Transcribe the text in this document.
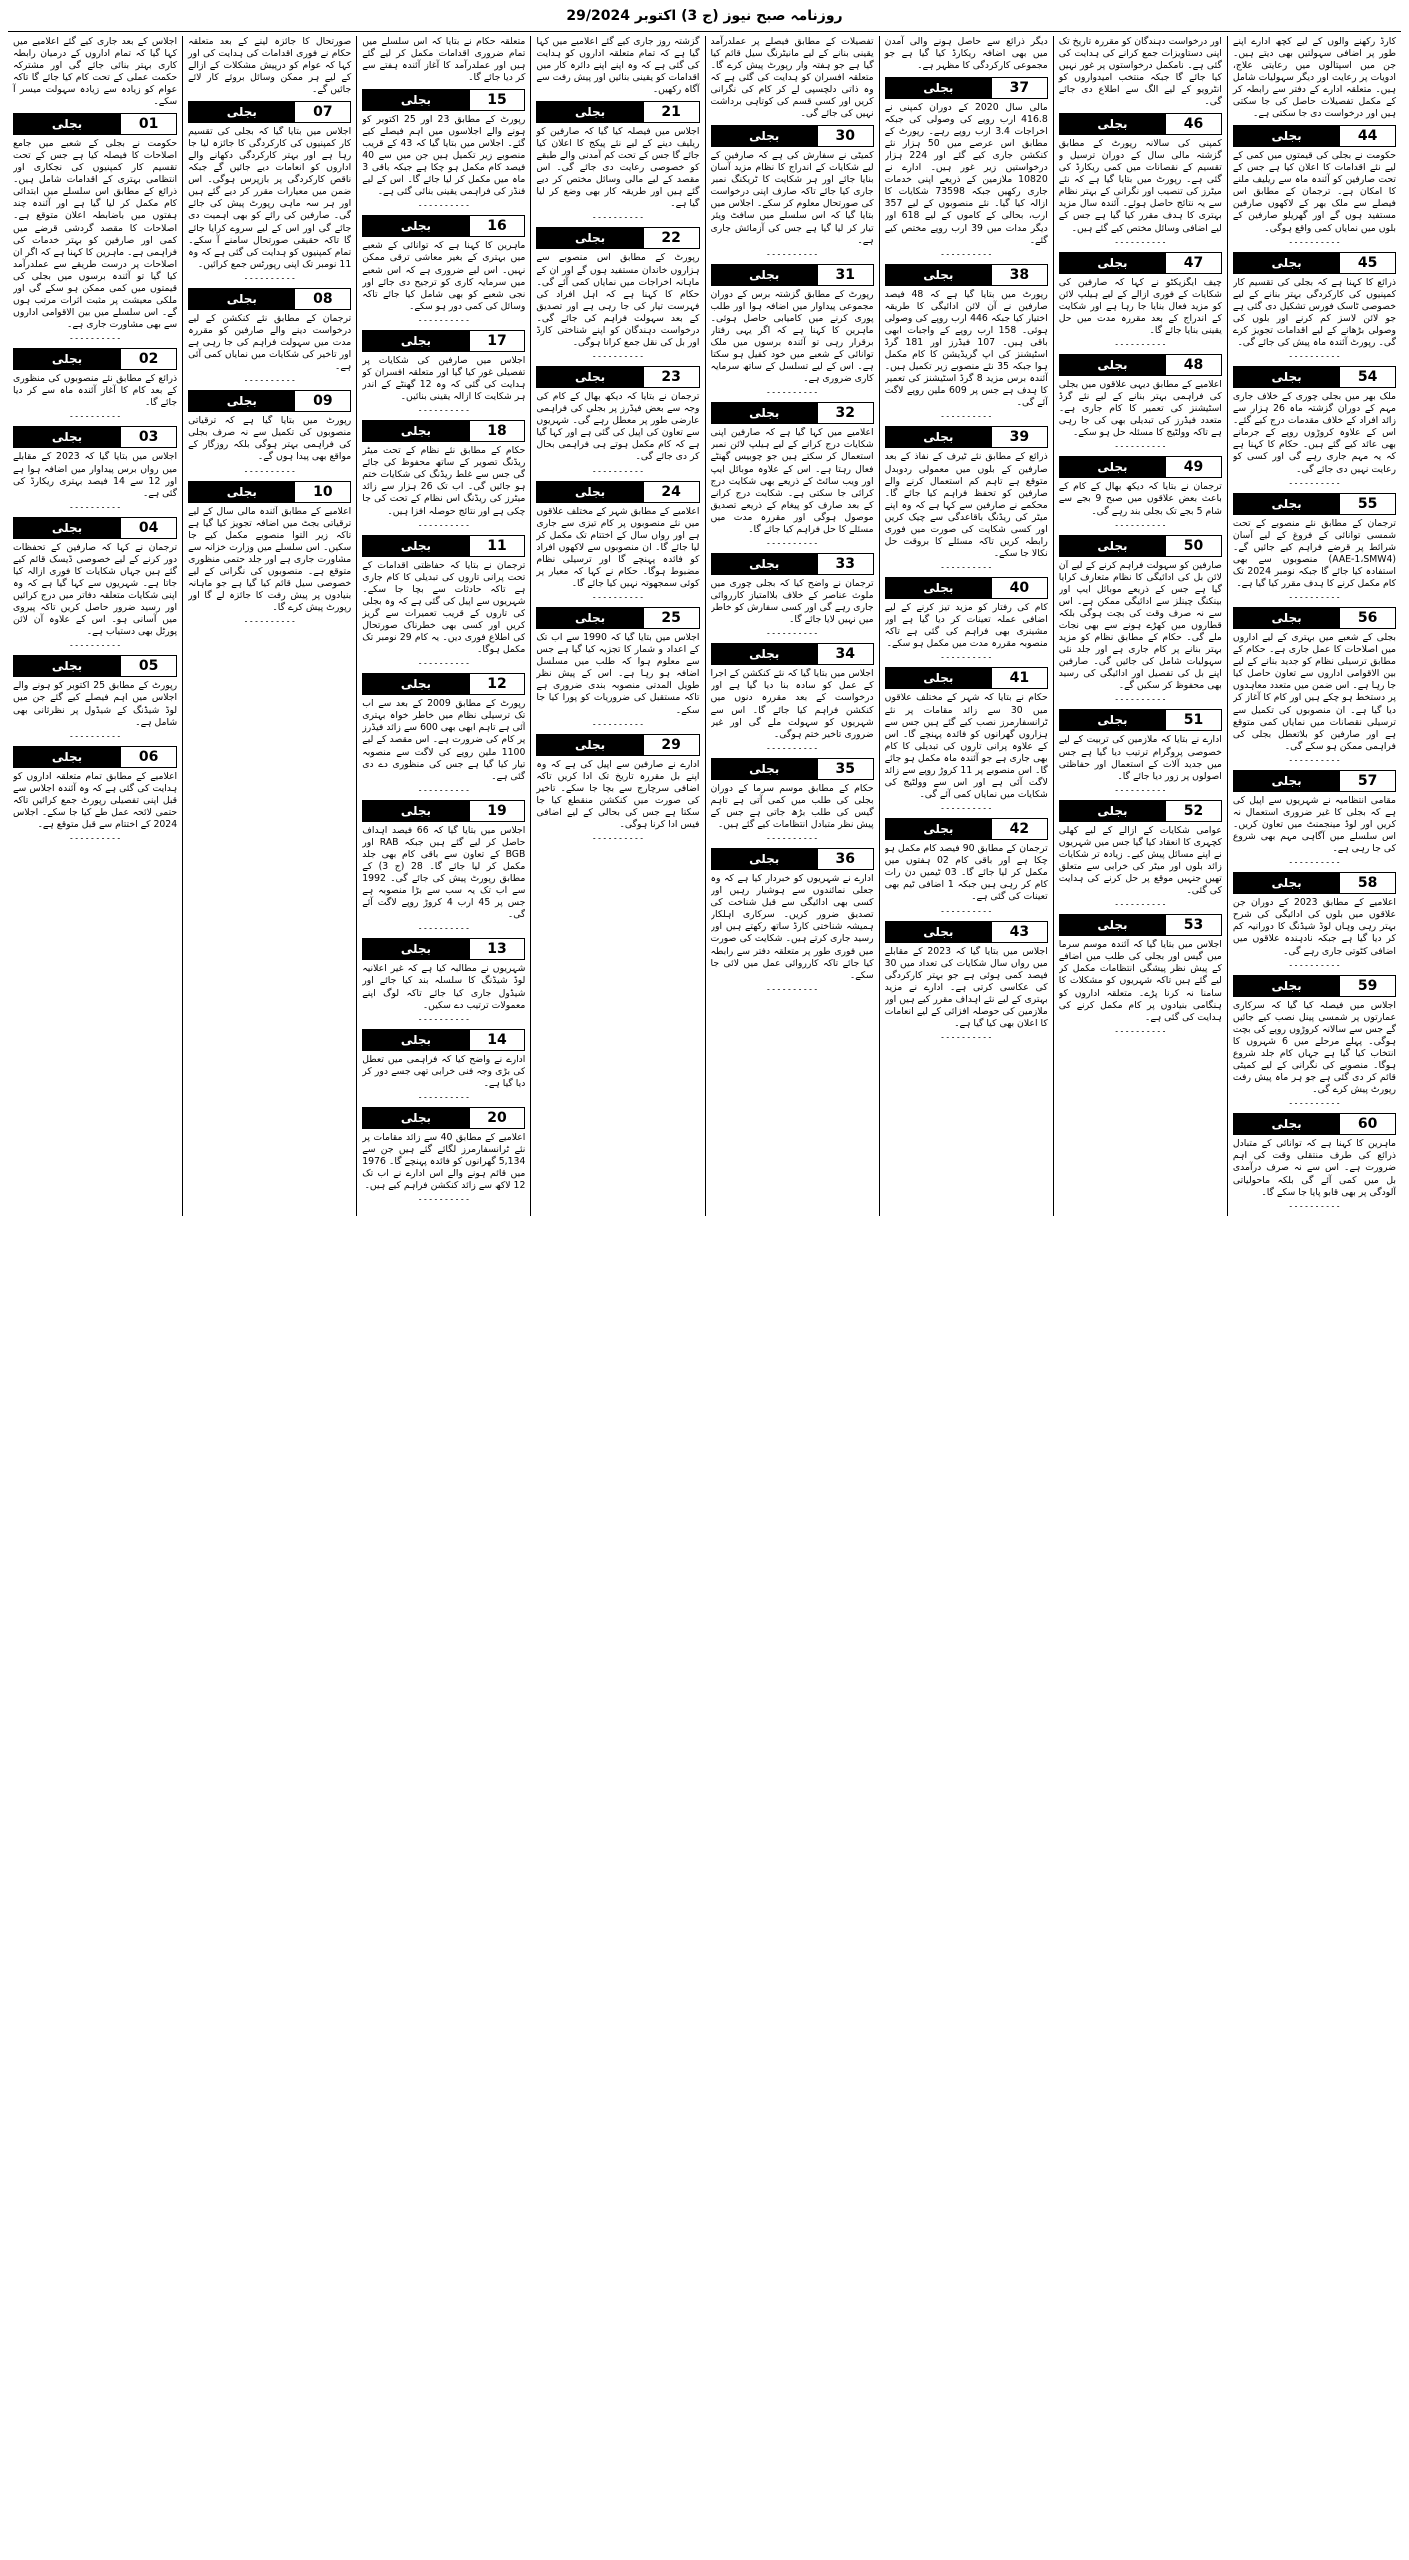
روزنامہ صبح نیوز (ج 3) اکتوبر 29/2024
کارڈ رکھنے والوں کے لیے کچھ ادارے اپنے طور پر اضافی سہولتیں بھی دیتے ہیں۔ جن میں اسپتالوں میں رعایتی علاج، ادویات پر رعایت اور دیگر سہولیات شامل ہیں۔ متعلقہ ادارے کے دفتر سے رابطہ کر کے مکمل تفصیلات حاصل کی جا سکتی ہیں اور درخواست دی جا سکتی ہے۔
44
بجلی
حکومت نے بجلی کی قیمتوں میں کمی کے لیے نئے اقدامات کا اعلان کیا ہے جس کے تحت صارفین کو آئندہ ماہ سے ریلیف ملنے کا امکان ہے۔ ترجمان کے مطابق اس فیصلے سے ملک بھر کے لاکھوں صارفین مستفید ہوں گے اور گھریلو صارفین کے بلوں میں نمایاں کمی واقع ہوگی۔
۔۔۔۔۔۔۔۔۔۔
45
بجلی
ذرائع کا کہنا ہے کہ بجلی کی تقسیم کار کمپنیوں کی کارکردگی بہتر بنانے کے لیے خصوصی ٹاسک فورس تشکیل دی گئی ہے جو لائن لاسز کم کرنے اور بلوں کی وصولی بڑھانے کے لیے اقدامات تجویز کرے گی۔ رپورٹ آئندہ ماہ پیش کی جائے گی۔
۔۔۔۔۔۔۔۔۔۔
54
بجلی
ملک بھر میں بجلی چوری کے خلاف جاری مہم کے دوران گزشتہ ماہ 26 ہزار سے زائد افراد کے خلاف مقدمات درج کیے گئے۔ اس کے علاوہ کروڑوں روپے کے جرمانے بھی عائد کیے گئے ہیں۔ حکام کا کہنا ہے کہ یہ مہم جاری رہے گی اور کسی کو رعایت نہیں دی جائے گی۔
۔۔۔۔۔۔۔۔۔۔
55
بجلی
ترجمان کے مطابق نئے منصوبے کے تحت شمسی توانائی کے فروغ کے لیے آسان شرائط پر قرضے فراہم کیے جائیں گے۔ (AAE-1،SMW4) منصوبوں سے بھی استفادہ کیا جائے گا جبکہ نومبر 2024 تک کام مکمل کرنے کا ہدف مقرر کیا گیا ہے۔
۔۔۔۔۔۔۔۔۔۔
56
بجلی
بجلی کے شعبے میں بہتری کے لیے اداروں میں اصلاحات کا عمل جاری ہے۔ حکام کے مطابق ترسیلی نظام کو جدید بنانے کے لیے بین الاقوامی اداروں سے تعاون حاصل کیا جا رہا ہے۔ اس ضمن میں متعدد معاہدوں پر دستخط ہو چکے ہیں اور کام کا آغاز کر دیا گیا ہے۔ ان منصوبوں کی تکمیل سے ترسیلی نقصانات میں نمایاں کمی متوقع ہے اور صارفین کو بلاتعطل بجلی کی فراہمی ممکن ہو سکے گی۔
۔۔۔۔۔۔۔۔۔۔
57
بجلی
مقامی انتظامیہ نے شہریوں سے اپیل کی ہے کہ بجلی کا غیر ضروری استعمال نہ کریں اور لوڈ مینجمنٹ میں تعاون کریں۔ اس سلسلے میں آگاہی مہم بھی شروع کی جا رہی ہے۔
۔۔۔۔۔۔۔۔۔۔
58
بجلی
اعلامیے کے مطابق 2023 کے دوران جن علاقوں میں بلوں کی ادائیگی کی شرح بہتر رہی وہاں لوڈ شیڈنگ کا دورانیہ کم کر دیا گیا ہے جبکہ نادہندہ علاقوں میں اضافی کٹوتی جاری رہے گی۔
۔۔۔۔۔۔۔۔۔۔
59
بجلی
اجلاس میں فیصلہ کیا گیا کہ سرکاری عمارتوں پر شمسی پینل نصب کیے جائیں گے جس سے سالانہ کروڑوں روپے کی بچت ہوگی۔ پہلے مرحلے میں 6 شہروں کا انتخاب کیا گیا ہے جہاں کام جلد شروع ہوگا۔ منصوبے کی نگرانی کے لیے کمیٹی قائم کر دی گئی ہے جو ہر ماہ پیش رفت رپورٹ پیش کرے گی۔
۔۔۔۔۔۔۔۔۔۔
60
بجلی
ماہرین کا کہنا ہے کہ توانائی کے متبادل ذرائع کی طرف منتقلی وقت کی اہم ضرورت ہے۔ اس سے نہ صرف درآمدی بل میں کمی آئے گی بلکہ ماحولیاتی آلودگی پر بھی قابو پایا جا سکے گا۔
۔۔۔۔۔۔۔۔۔۔
اور درخواست دہندگان کو مقررہ تاریخ تک اپنی دستاویزات جمع کرانے کی ہدایت کی گئی ہے۔ نامکمل درخواستوں پر غور نہیں کیا جائے گا جبکہ منتخب امیدواروں کو انٹرویو کے لیے الگ سے اطلاع دی جائے گی۔
46
بجلی
کمپنی کی سالانہ رپورٹ کے مطابق گزشتہ مالی سال کے دوران ترسیل و تقسیم کے نقصانات میں کمی ریکارڈ کی گئی ہے۔ رپورٹ میں بتایا گیا ہے کہ نئے میٹرز کی تنصیب اور نگرانی کے بہتر نظام سے یہ نتائج حاصل ہوئے۔ آئندہ سال مزید بہتری کا ہدف مقرر کیا گیا ہے جس کے لیے اضافی وسائل مختص کیے گئے ہیں۔
۔۔۔۔۔۔۔۔۔۔
47
بجلی
چیف ایگزیکٹو نے کہا کہ صارفین کی شکایات کے فوری ازالے کے لیے ہیلپ لائن کو مزید فعال بنایا جا رہا ہے اور شکایت کے اندراج کے بعد مقررہ مدت میں حل یقینی بنایا جائے گا۔
۔۔۔۔۔۔۔۔۔۔
48
بجلی
اعلامیے کے مطابق دیہی علاقوں میں بجلی کی فراہمی بہتر بنانے کے لیے نئے گرڈ اسٹیشنز کی تعمیر کا کام جاری ہے۔ متعدد فیڈرز کی تبدیلی بھی کی جا رہی ہے تاکہ وولٹیج کا مسئلہ حل ہو سکے۔
۔۔۔۔۔۔۔۔۔۔
49
بجلی
ترجمان نے بتایا کہ دیکھ بھال کے کام کے باعث بعض علاقوں میں صبح 9 بجے سے شام 5 بجے تک بجلی بند رہے گی۔
۔۔۔۔۔۔۔۔۔۔
50
بجلی
صارفین کو سہولت فراہم کرنے کے لیے آن لائن بل کی ادائیگی کا نظام متعارف کرایا گیا ہے جس کے ذریعے موبائل ایپ اور بینکنگ چینلز سے ادائیگی ممکن ہے۔ اس سے نہ صرف وقت کی بچت ہوگی بلکہ قطاروں میں کھڑے ہونے سے بھی نجات ملے گی۔ حکام کے مطابق نظام کو مزید بہتر بنانے پر کام جاری ہے اور جلد نئی سہولیات شامل کی جائیں گی۔ صارفین اپنے بل کی تفصیل اور ادائیگی کی رسید بھی محفوظ کر سکیں گے۔
۔۔۔۔۔۔۔۔۔۔
51
بجلی
ادارے نے بتایا کہ ملازمین کی تربیت کے لیے خصوصی پروگرام ترتیب دیا گیا ہے جس میں جدید آلات کے استعمال اور حفاظتی اصولوں پر زور دیا جائے گا۔
۔۔۔۔۔۔۔۔۔۔
52
بجلی
عوامی شکایات کے ازالے کے لیے کھلی کچہری کا انعقاد کیا گیا جس میں شہریوں نے اپنے مسائل پیش کیے۔ زیادہ تر شکایات زائد بلوں اور میٹر کی خرابی سے متعلق تھیں جنہیں موقع پر حل کرنے کی ہدایت کی گئی۔
۔۔۔۔۔۔۔۔۔۔
53
بجلی
اجلاس میں بتایا گیا کہ آئندہ موسم سرما میں گیس اور بجلی کی طلب میں اضافے کے پیش نظر پیشگی انتظامات مکمل کر لیے گئے ہیں تاکہ شہریوں کو مشکلات کا سامنا نہ کرنا پڑے۔ متعلقہ اداروں کو ہنگامی بنیادوں پر کام مکمل کرنے کی ہدایت کی گئی ہے۔
۔۔۔۔۔۔۔۔۔۔
دیگر ذرائع سے حاصل ہونے والی آمدن میں بھی اضافہ ریکارڈ کیا گیا ہے جو مجموعی کارکردگی کا مظہر ہے۔
37
بجلی
مالی سال 2020 کے دوران کمپنی نے 416.8 ارب روپے کی وصولی کی جبکہ اخراجات 3.4 ارب روپے رہے۔ رپورٹ کے مطابق اس عرصے میں 50 ہزار نئے کنکشن جاری کیے گئے اور 224 ہزار درخواستیں زیر غور ہیں۔ ادارے نے 10820 ملازمین کے ذریعے اپنی خدمات جاری رکھیں جبکہ 73598 شکایات کا ازالہ کیا گیا۔ نئے منصوبوں کے لیے 357 ارب، بحالی کے کاموں کے لیے 618 اور دیگر مدات میں 39 ارب روپے مختص کیے گئے۔
۔۔۔۔۔۔۔۔۔۔
38
بجلی
رپورٹ میں بتایا گیا ہے کہ 48 فیصد صارفین نے آن لائن ادائیگی کا طریقہ اختیار کیا جبکہ 446 ارب روپے کی وصولی ہوئی۔ 158 ارب روپے کے واجبات ابھی باقی ہیں۔ 107 فیڈرز اور 181 گرڈ اسٹیشنز کی اپ گریڈیشن کا کام مکمل ہوا جبکہ 35 نئے منصوبے زیر تکمیل ہیں۔ آئندہ برس مزید 8 گرڈ اسٹیشنز کی تعمیر کا ہدف ہے جس پر 609 ملین روپے لاگت آئے گی۔
۔۔۔۔۔۔۔۔۔۔
39
بجلی
ذرائع کے مطابق نئے ٹیرف کے نفاذ کے بعد صارفین کے بلوں میں معمولی ردوبدل متوقع ہے تاہم کم استعمال کرنے والے صارفین کو تحفظ فراہم کیا جائے گا۔ محکمے نے صارفین سے کہا ہے کہ وہ اپنے میٹر کی ریڈنگ باقاعدگی سے چیک کریں اور کسی شکایت کی صورت میں فوری رابطہ کریں تاکہ مسئلے کا بروقت حل نکالا جا سکے۔
۔۔۔۔۔۔۔۔۔۔
40
بجلی
کام کی رفتار کو مزید تیز کرنے کے لیے اضافی عملہ تعینات کر دیا گیا ہے اور مشینری بھی فراہم کی گئی ہے تاکہ منصوبہ مقررہ مدت میں مکمل ہو سکے۔
۔۔۔۔۔۔۔۔۔۔
41
بجلی
حکام نے بتایا کہ شہر کے مختلف علاقوں میں 30 سے زائد مقامات پر نئے ٹرانسفارمرز نصب کیے گئے ہیں جس سے ہزاروں گھرانوں کو فائدہ پہنچے گا۔ اس کے علاوہ پرانی تاروں کی تبدیلی کا کام بھی جاری ہے جو آئندہ ماہ مکمل ہو جائے گا۔ اس منصوبے پر 11 کروڑ روپے سے زائد لاگت آئی ہے اور اس سے وولٹیج کی شکایات میں نمایاں کمی آئے گی۔
۔۔۔۔۔۔۔۔۔۔
42
بجلی
ترجمان کے مطابق 90 فیصد کام مکمل ہو چکا ہے اور باقی کام 02 ہفتوں میں مکمل کر لیا جائے گا۔ 03 ٹیمیں دن رات کام کر رہی ہیں جبکہ 1 اضافی ٹیم بھی تعینات کی گئی ہے۔
۔۔۔۔۔۔۔۔۔۔
43
بجلی
اجلاس میں بتایا گیا کہ 2023 کے مقابلے میں رواں سال شکایات کی تعداد میں 30 فیصد کمی ہوئی ہے جو بہتر کارکردگی کی عکاسی کرتی ہے۔ ادارے نے مزید بہتری کے لیے نئے اہداف مقرر کیے ہیں اور ملازمین کی حوصلہ افزائی کے لیے انعامات کا اعلان بھی کیا گیا ہے۔
۔۔۔۔۔۔۔۔۔۔
تفصیلات کے مطابق فیصلے پر عملدرآمد یقینی بنانے کے لیے مانیٹرنگ سیل قائم کیا گیا ہے جو ہفتہ وار رپورٹ پیش کرے گا۔ متعلقہ افسران کو ہدایت کی گئی ہے کہ وہ ذاتی دلچسپی لے کر کام کی نگرانی کریں اور کسی قسم کی کوتاہی برداشت نہیں کی جائے گی۔
30
بجلی
کمیٹی نے سفارش کی ہے کہ صارفین کے لیے شکایات کے اندراج کا نظام مزید آسان بنایا جائے اور ہر شکایت کا ٹریکنگ نمبر جاری کیا جائے تاکہ صارف اپنی درخواست کی صورتحال معلوم کر سکے۔ اجلاس میں بتایا گیا کہ اس سلسلے میں سافٹ ویئر تیار کر لیا گیا ہے جس کی آزمائش جاری ہے۔
۔۔۔۔۔۔۔۔۔۔
31
بجلی
رپورٹ کے مطابق گزشتہ برس کے دوران مجموعی پیداوار میں اضافہ ہوا اور طلب پوری کرنے میں کامیابی حاصل ہوئی۔ ماہرین کا کہنا ہے کہ اگر یہی رفتار برقرار رہی تو آئندہ برسوں میں ملک توانائی کے شعبے میں خود کفیل ہو سکتا ہے۔ اس کے لیے تسلسل کے ساتھ سرمایہ کاری ضروری ہے۔
۔۔۔۔۔۔۔۔۔۔
32
بجلی
اعلامیے میں کہا گیا ہے کہ صارفین اپنی شکایات درج کرانے کے لیے ہیلپ لائن نمبر استعمال کر سکتے ہیں جو چوبیس گھنٹے فعال رہتا ہے۔ اس کے علاوہ موبائل ایپ اور ویب سائٹ کے ذریعے بھی شکایت درج کرائی جا سکتی ہے۔ شکایت درج کرانے کے بعد صارف کو پیغام کے ذریعے تصدیق موصول ہوگی اور مقررہ مدت میں مسئلے کا حل فراہم کیا جائے گا۔
۔۔۔۔۔۔۔۔۔۔
33
بجلی
ترجمان نے واضح کیا کہ بجلی چوری میں ملوث عناصر کے خلاف بلاامتیاز کارروائی جاری رہے گی اور کسی سفارش کو خاطر میں نہیں لایا جائے گا۔
۔۔۔۔۔۔۔۔۔۔
34
بجلی
اجلاس میں بتایا گیا کہ نئے کنکشن کے اجرا کے عمل کو سادہ بنا دیا گیا ہے اور درخواست کے بعد مقررہ دنوں میں کنکشن فراہم کیا جائے گا۔ اس سے شہریوں کو سہولت ملے گی اور غیر ضروری تاخیر ختم ہوگی۔
۔۔۔۔۔۔۔۔۔۔
35
بجلی
حکام کے مطابق موسم سرما کے دوران بجلی کی طلب میں کمی آتی ہے تاہم گیس کی طلب بڑھ جاتی ہے جس کے پیش نظر متبادل انتظامات کیے گئے ہیں۔
۔۔۔۔۔۔۔۔۔۔
36
بجلی
ادارے نے شہریوں کو خبردار کیا ہے کہ وہ جعلی نمائندوں سے ہوشیار رہیں اور کسی بھی ادائیگی سے قبل شناخت کی تصدیق ضرور کریں۔ سرکاری اہلکار ہمیشہ شناختی کارڈ ساتھ رکھتے ہیں اور رسید جاری کرتے ہیں۔ شکایت کی صورت میں فوری طور پر متعلقہ دفتر سے رابطہ کیا جائے تاکہ کارروائی عمل میں لائی جا سکے۔
۔۔۔۔۔۔۔۔۔۔
گزشتہ روز جاری کیے گئے اعلامیے میں کہا گیا ہے کہ تمام متعلقہ اداروں کو ہدایت کی گئی ہے کہ وہ اپنے اپنے دائرہ کار میں اقدامات کو یقینی بنائیں اور پیش رفت سے آگاہ رکھیں۔
21
بجلی
اجلاس میں فیصلہ کیا گیا کہ صارفین کو ریلیف دینے کے لیے نئے پیکج کا اعلان کیا جائے گا جس کے تحت کم آمدنی والے طبقے کو خصوصی رعایت دی جائے گی۔ اس مقصد کے لیے مالی وسائل مختص کر دیے گئے ہیں اور طریقہ کار بھی وضع کر لیا گیا ہے۔
۔۔۔۔۔۔۔۔۔۔
22
بجلی
رپورٹ کے مطابق اس منصوبے سے ہزاروں خاندان مستفید ہوں گے اور ان کے ماہانہ اخراجات میں نمایاں کمی آئے گی۔ حکام کا کہنا ہے کہ اہل افراد کی فہرست تیار کی جا رہی ہے اور تصدیق کے بعد سہولت فراہم کی جائے گی۔ درخواست دہندگان کو اپنے شناختی کارڈ اور بل کی نقل جمع کرانا ہوگی۔
۔۔۔۔۔۔۔۔۔۔
23
بجلی
ترجمان نے بتایا کہ دیکھ بھال کے کام کی وجہ سے بعض فیڈرز پر بجلی کی فراہمی عارضی طور پر معطل رہے گی۔ شہریوں سے تعاون کی اپیل کی گئی ہے اور کہا گیا ہے کہ کام مکمل ہوتے ہی فراہمی بحال کر دی جائے گی۔
۔۔۔۔۔۔۔۔۔۔
24
بجلی
اعلامیے کے مطابق شہر کے مختلف علاقوں میں نئے منصوبوں پر کام تیزی سے جاری ہے اور رواں سال کے اختتام تک مکمل کر لیا جائے گا۔ ان منصوبوں سے لاکھوں افراد کو فائدہ پہنچے گا اور ترسیلی نظام مضبوط ہوگا۔ حکام نے کہا کہ معیار پر کوئی سمجھوتہ نہیں کیا جائے گا۔
۔۔۔۔۔۔۔۔۔۔
25
بجلی
اجلاس میں بتایا گیا کہ 1990 سے اب تک کے اعداد و شمار کا تجزیہ کیا گیا ہے جس سے معلوم ہوا کہ طلب میں مسلسل اضافہ ہو رہا ہے۔ اس کے پیش نظر طویل المدتی منصوبہ بندی ضروری ہے تاکہ مستقبل کی ضروریات کو پورا کیا جا سکے۔
۔۔۔۔۔۔۔۔۔۔
29
بجلی
ادارے نے صارفین سے اپیل کی ہے کہ وہ اپنے بل مقررہ تاریخ تک ادا کریں تاکہ اضافی سرچارج سے بچا جا سکے۔ تاخیر کی صورت میں کنکشن منقطع کیا جا سکتا ہے جس کی بحالی کے لیے اضافی فیس ادا کرنا ہوگی۔
۔۔۔۔۔۔۔۔۔۔
متعلقہ حکام نے بتایا کہ اس سلسلے میں تمام ضروری اقدامات مکمل کر لیے گئے ہیں اور عملدرآمد کا آغاز آئندہ ہفتے سے کر دیا جائے گا۔
15
بجلی
رپورٹ کے مطابق 23 اور 25 اکتوبر کو ہونے والے اجلاسوں میں اہم فیصلے کیے گئے۔ اجلاس میں بتایا گیا کہ 43 کے قریب منصوبے زیر تکمیل ہیں جن میں سے 40 فیصد کام مکمل ہو چکا ہے جبکہ باقی 3 ماہ میں مکمل کر لیا جائے گا۔ اس کے لیے فنڈز کی فراہمی یقینی بنائی گئی ہے۔
۔۔۔۔۔۔۔۔۔۔
16
بجلی
ماہرین کا کہنا ہے کہ توانائی کے شعبے میں بہتری کے بغیر معاشی ترقی ممکن نہیں۔ اس لیے ضروری ہے کہ اس شعبے میں سرمایہ کاری کو ترجیح دی جائے اور نجی شعبے کو بھی شامل کیا جائے تاکہ وسائل کی کمی دور ہو سکے۔
۔۔۔۔۔۔۔۔۔۔
17
بجلی
اجلاس میں صارفین کی شکایات پر تفصیلی غور کیا گیا اور متعلقہ افسران کو ہدایت کی گئی کہ وہ 12 گھنٹے کے اندر ہر شکایت کا ازالہ یقینی بنائیں۔
۔۔۔۔۔۔۔۔۔۔
18
بجلی
حکام کے مطابق نئے نظام کے تحت میٹر ریڈنگ تصویر کے ساتھ محفوظ کی جائے گی جس سے غلط ریڈنگ کی شکایات ختم ہو جائیں گی۔ اب تک 26 ہزار سے زائد میٹرز کی ریڈنگ اس نظام کے تحت کی جا چکی ہے اور نتائج حوصلہ افزا ہیں۔
۔۔۔۔۔۔۔۔۔۔
11
بجلی
ترجمان نے بتایا کہ حفاظتی اقدامات کے تحت پرانی تاروں کی تبدیلی کا کام جاری ہے تاکہ حادثات سے بچا جا سکے۔ شہریوں سے اپیل کی گئی ہے کہ وہ بجلی کی تاروں کے قریب تعمیرات سے گریز کریں اور کسی بھی خطرناک صورتحال کی اطلاع فوری دیں۔ یہ کام 29 نومبر تک مکمل ہوگا۔
۔۔۔۔۔۔۔۔۔۔
12
بجلی
رپورٹ کے مطابق 2009 کے بعد سے اب تک ترسیلی نظام میں خاطر خواہ بہتری آئی ہے تاہم ابھی بھی 600 سے زائد فیڈرز پر کام کی ضرورت ہے۔ اس مقصد کے لیے 1100 ملین روپے کی لاگت سے منصوبہ تیار کیا گیا ہے جس کی منظوری دے دی گئی ہے۔
۔۔۔۔۔۔۔۔۔۔
19
بجلی
اجلاس میں بتایا گیا کہ 66 فیصد اہداف حاصل کر لیے گئے ہیں جبکہ RAB اور BGB کے تعاون سے باقی کام بھی جلد مکمل کر لیا جائے گا۔ 28 (ج 3) کے مطابق رپورٹ پیش کی جائے گی۔ 1992 سے اب تک یہ سب سے بڑا منصوبہ ہے جس پر 45 ارب 4 کروڑ روپے لاگت آئے گی۔
۔۔۔۔۔۔۔۔۔۔
13
بجلی
شہریوں نے مطالبہ کیا ہے کہ غیر اعلانیہ لوڈ شیڈنگ کا سلسلہ بند کیا جائے اور شیڈول جاری کیا جائے تاکہ لوگ اپنے معمولات ترتیب دے سکیں۔
۔۔۔۔۔۔۔۔۔۔
14
بجلی
ادارے نے واضح کیا کہ فراہمی میں تعطل کی بڑی وجہ فنی خرابی تھی جسے دور کر دیا گیا ہے۔
۔۔۔۔۔۔۔۔۔۔
20
بجلی
اعلامیے کے مطابق 40 سے زائد مقامات پر نئے ٹرانسفارمرز لگائے گئے ہیں جن سے 5,134 گھرانوں کو فائدہ پہنچے گا۔ 1976 میں قائم ہونے والے اس ادارے نے اب تک 12 لاکھ سے زائد کنکشن فراہم کیے ہیں۔
۔۔۔۔۔۔۔۔۔۔
صورتحال کا جائزہ لینے کے بعد متعلقہ حکام نے فوری اقدامات کی ہدایت کی اور کہا کہ عوام کو درپیش مشکلات کے ازالے کے لیے ہر ممکن وسائل بروئے کار لائے جائیں گے۔
07
بجلی
اجلاس میں بتایا گیا کہ بجلی کی تقسیم کار کمپنیوں کی کارکردگی کا جائزہ لیا جا رہا ہے اور بہتر کارکردگی دکھانے والے اداروں کو انعامات دیے جائیں گے جبکہ ناقص کارکردگی پر بازپرس ہوگی۔ اس ضمن میں معیارات مقرر کر دیے گئے ہیں اور ہر سہ ماہی رپورٹ پیش کی جائے گی۔ صارفین کی رائے کو بھی اہمیت دی جائے گی اور اس کے لیے سروے کرایا جائے گا تاکہ حقیقی صورتحال سامنے آ سکے۔ تمام کمپنیوں کو ہدایت کی گئی ہے کہ وہ 11 نومبر تک اپنی رپورٹس جمع کرائیں۔
۔۔۔۔۔۔۔۔۔۔
08
بجلی
ترجمان کے مطابق نئے کنکشن کے لیے درخواست دینے والے صارفین کو مقررہ مدت میں سہولت فراہم کی جا رہی ہے اور تاخیر کی شکایات میں نمایاں کمی آئی ہے۔
۔۔۔۔۔۔۔۔۔۔
09
بجلی
رپورٹ میں بتایا گیا ہے کہ ترقیاتی منصوبوں کی تکمیل سے نہ صرف بجلی کی فراہمی بہتر ہوگی بلکہ روزگار کے مواقع بھی پیدا ہوں گے۔
۔۔۔۔۔۔۔۔۔۔
10
بجلی
اعلامیے کے مطابق آئندہ مالی سال کے لیے ترقیاتی بجٹ میں اضافہ تجویز کیا گیا ہے تاکہ زیر التوا منصوبے مکمل کیے جا سکیں۔ اس سلسلے میں وزارت خزانہ سے مشاورت جاری ہے اور جلد حتمی منظوری متوقع ہے۔ منصوبوں کی نگرانی کے لیے خصوصی سیل قائم کیا گیا ہے جو ماہانہ بنیادوں پر پیش رفت کا جائزہ لے گا اور رپورٹ پیش کرے گا۔
۔۔۔۔۔۔۔۔۔۔
اجلاس کے بعد جاری کیے گئے اعلامیے میں کہا گیا کہ تمام اداروں کے درمیان رابطہ کاری بہتر بنائی جائے گی اور مشترکہ حکمت عملی کے تحت کام کیا جائے گا تاکہ عوام کو زیادہ سے زیادہ سہولت میسر آ سکے۔
01
بجلی
حکومت نے بجلی کے شعبے میں جامع اصلاحات کا فیصلہ کیا ہے جس کے تحت تقسیم کار کمپنیوں کی نجکاری اور انتظامی بہتری کے اقدامات شامل ہیں۔ ذرائع کے مطابق اس سلسلے میں ابتدائی کام مکمل کر لیا گیا ہے اور آئندہ چند ہفتوں میں باضابطہ اعلان متوقع ہے۔ اصلاحات کا مقصد گردشی قرضے میں کمی اور صارفین کو بہتر خدمات کی فراہمی ہے۔ ماہرین کا کہنا ہے کہ اگر ان اصلاحات پر درست طریقے سے عملدرآمد کیا گیا تو آئندہ برسوں میں بجلی کی قیمتوں میں کمی ممکن ہو سکے گی اور ملکی معیشت پر مثبت اثرات مرتب ہوں گے۔ اس سلسلے میں بین الاقوامی اداروں سے بھی مشاورت جاری ہے۔
۔۔۔۔۔۔۔۔۔۔
02
بجلی
ذرائع کے مطابق نئے منصوبوں کی منظوری کے بعد کام کا آغاز آئندہ ماہ سے کر دیا جائے گا۔
۔۔۔۔۔۔۔۔۔۔
03
بجلی
اجلاس میں بتایا گیا کہ 2023 کے مقابلے میں رواں برس پیداوار میں اضافہ ہوا ہے اور 12 سے 14 فیصد بہتری ریکارڈ کی گئی ہے۔
۔۔۔۔۔۔۔۔۔۔
04
بجلی
ترجمان نے کہا کہ صارفین کے تحفظات دور کرنے کے لیے خصوصی ڈیسک قائم کیے گئے ہیں جہاں شکایات کا فوری ازالہ کیا جاتا ہے۔ شہریوں سے کہا گیا ہے کہ وہ اپنی شکایات متعلقہ دفاتر میں درج کرائیں اور رسید ضرور حاصل کریں تاکہ پیروی میں آسانی ہو۔ اس کے علاوہ آن لائن پورٹل بھی دستیاب ہے۔
۔۔۔۔۔۔۔۔۔۔
05
بجلی
رپورٹ کے مطابق 25 اکتوبر کو ہونے والے اجلاس میں اہم فیصلے کیے گئے جن میں لوڈ شیڈنگ کے شیڈول پر نظرثانی بھی شامل ہے۔
۔۔۔۔۔۔۔۔۔۔
06
بجلی
اعلامیے کے مطابق تمام متعلقہ اداروں کو ہدایت کی گئی ہے کہ وہ آئندہ اجلاس سے قبل اپنی تفصیلی رپورٹ جمع کرائیں تاکہ حتمی لائحہ عمل طے کیا جا سکے۔ اجلاس 2024 کے اختتام سے قبل متوقع ہے۔
۔۔۔۔۔۔۔۔۔۔
